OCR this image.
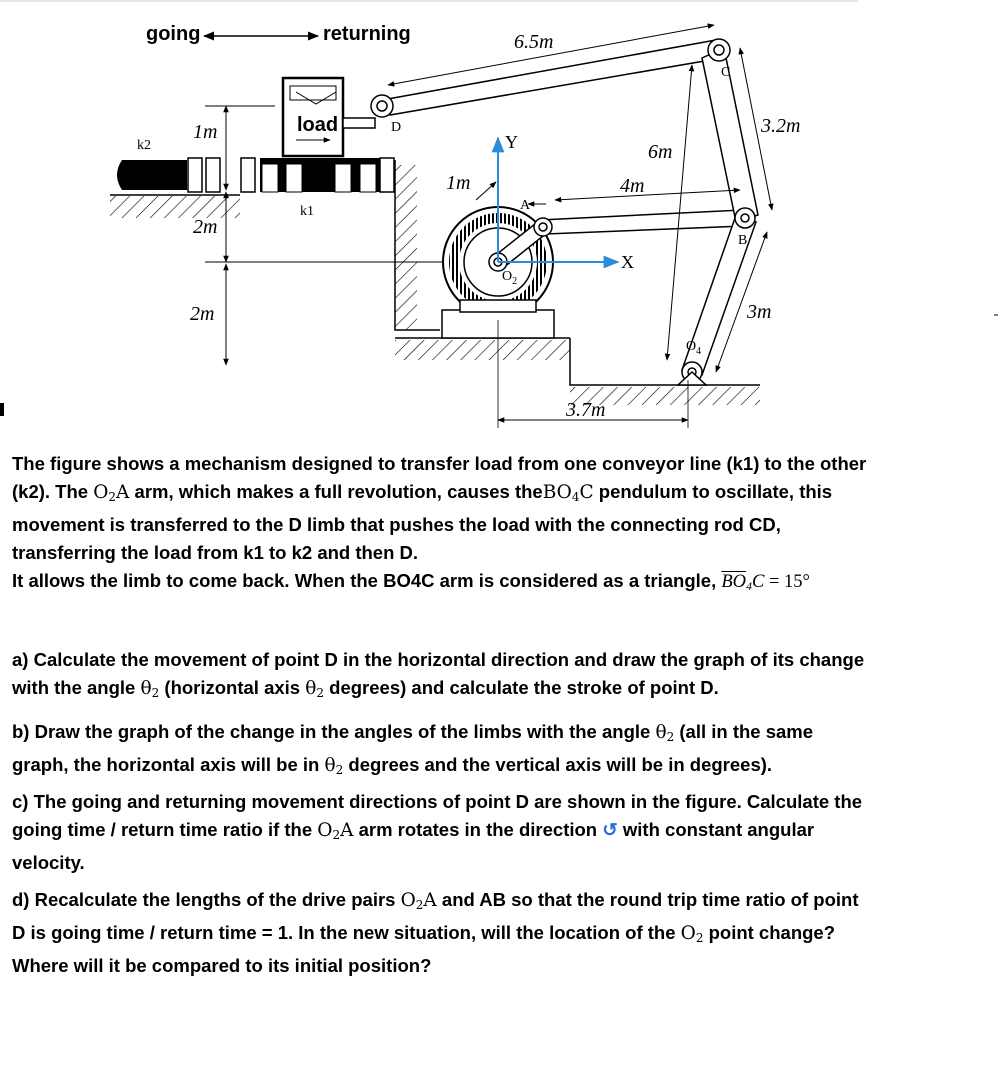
going	returning
k2
1m
2m
2m
k1
load
Y
X
A
B
C
D
$O_2$
$O_4$
6.5m
3.2m
6m
4m
1m
3m
3.7m

The figure shows a mechanism designed to transfer load from one conveyor line (k1) to the other

(k2). The $O_2A$ arm, which makes a full revolution, causes theBO$_4$C pendulum to oscillate, this

movement is transferred to the D limb that pushes the load with the connecting rod CD,

transferring the load from k1 to k2 and then D.

It allows the limb to come back. When the BO4C arm is considered as a triangle, $\overline{BO}_4C = 15^\circ$

a) Calculate the movement of point D in the horizontal direction and draw the graph of its change

with the angle $\theta_2$ (horizontal axis $\theta_2$ degrees) and calculate the stroke of point D.

b) Draw the graph of the change in the angles of the limbs with the angle $\theta_2$ (all in the same

graph, the horizontal axis will be in $\theta_2$ degrees and the vertical axis will be in degrees).

c) The going and returning movement directions of point D are shown in the figure. Calculate the

going time / return time ratio if the $O_2A$ arm rotates in the direction ↺ with constant angular

velocity.

d) Recalculate the lengths of the drive pairs $O_2A$ and AB so that the round trip time ratio of point

D is going time / return time = 1. In the new situation, will the location of the $O_2$ point change?

Where will it be compared to its initial position?
